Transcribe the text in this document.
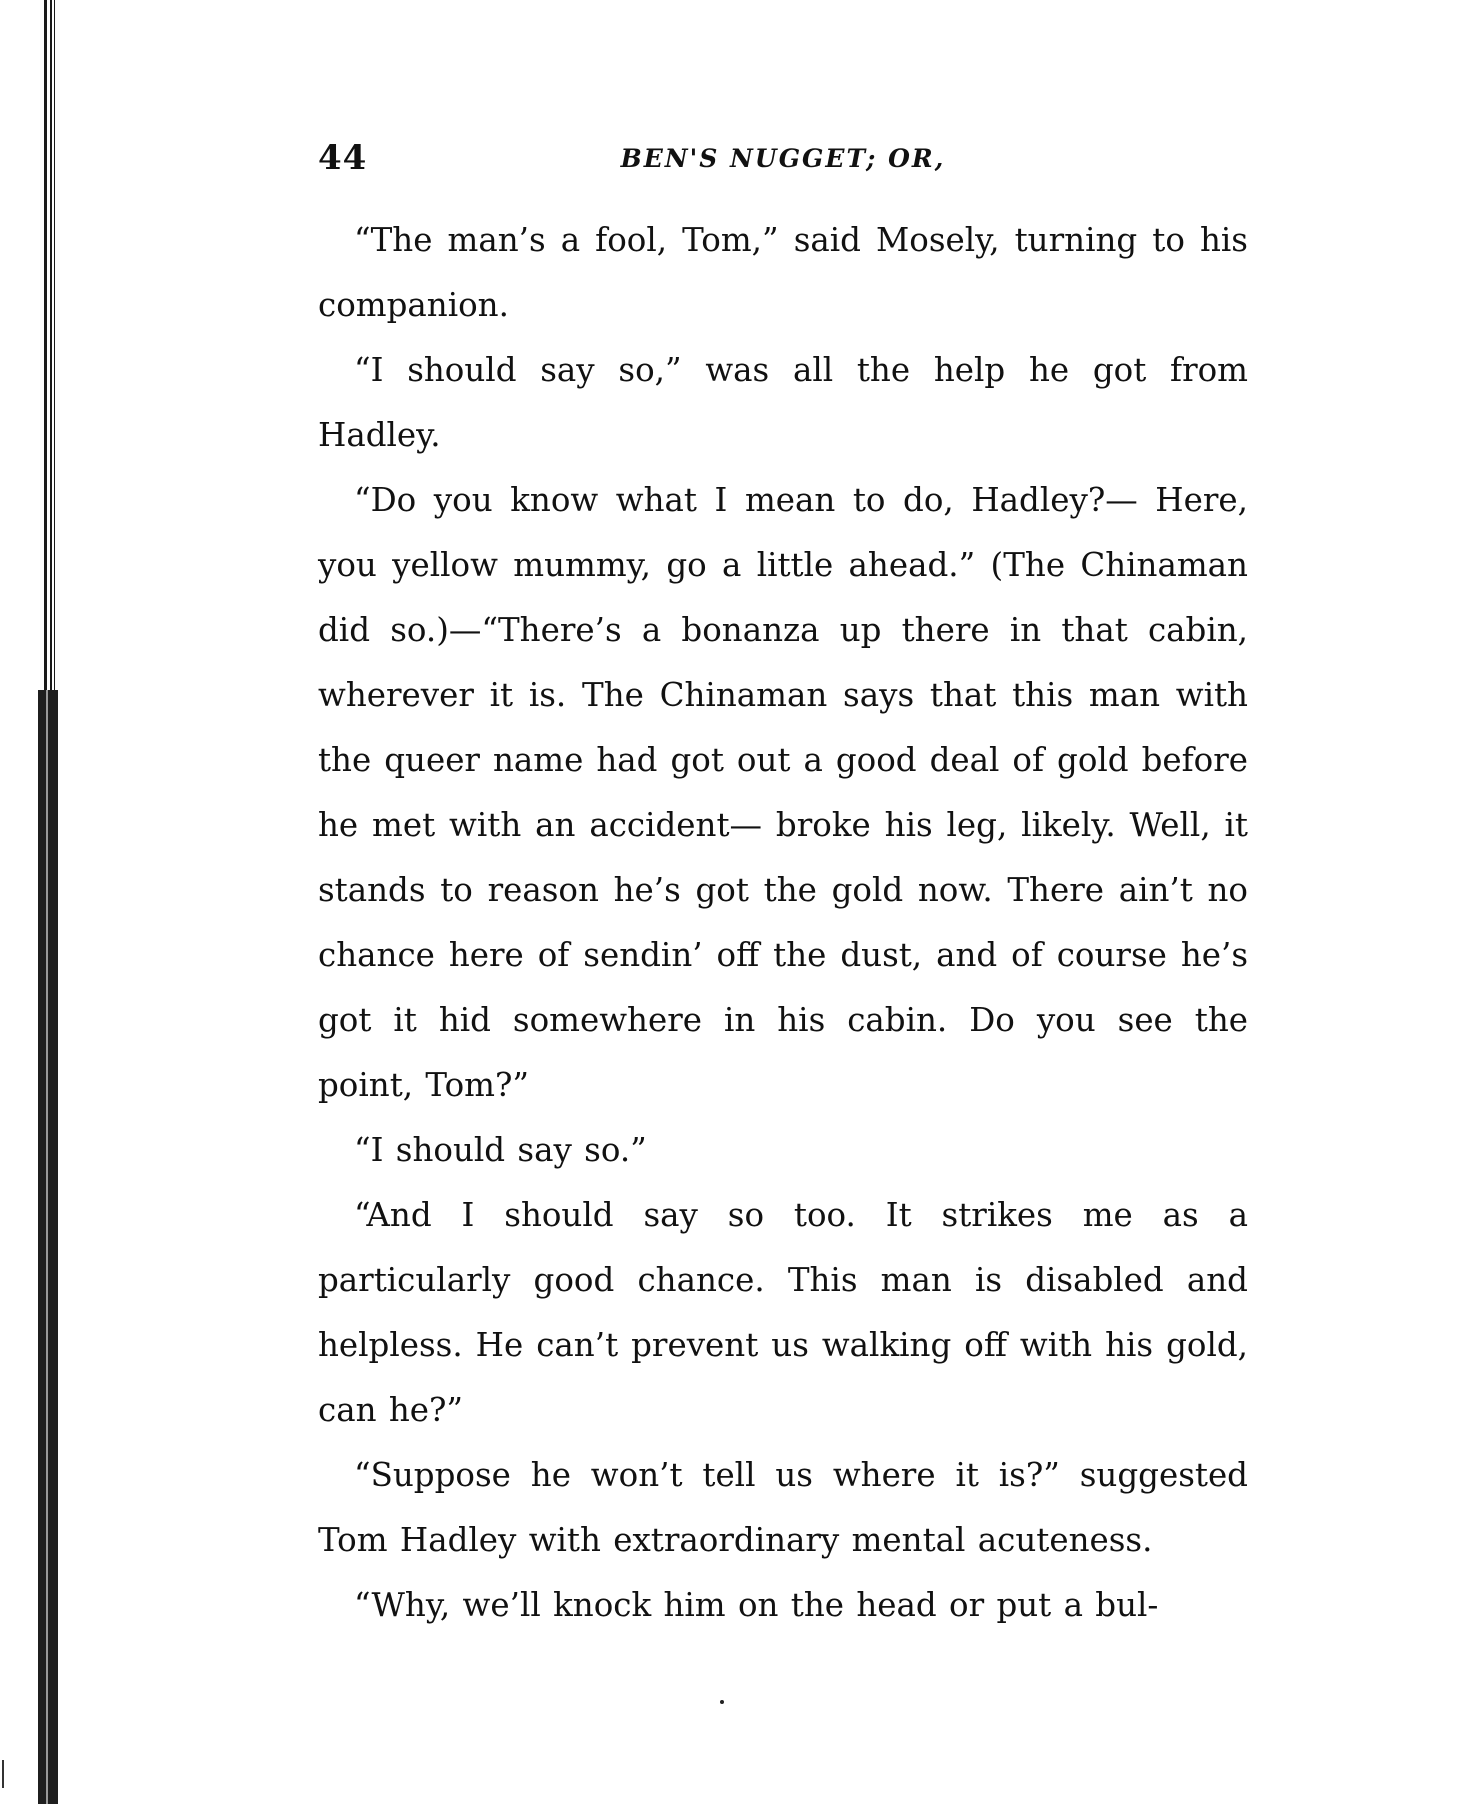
44	BEN'S NUGGET; OR,

“The man’s a fool, Tom,” said Mosely, turning to his companion.

“I should say so,” was all the help he got from Hadley.

“Do you know what I mean to do, Hadley?— Here, you yellow mummy, go a little ahead.” (The Chinaman did so.)—“There’s a bonanza up there in that cabin, wherever it is. The Chinaman says that this man with the queer name had got out a good deal of gold before he met with an accident— broke his leg, likely. Well, it stands to reason he’s got the gold now. There ain’t no chance here of sendin’ off the dust, and of course he’s got it hid somewhere in his cabin. Do you see the point, Tom?”

“I should say so.”

“And I should say so too. It strikes me as a particularly good chance. This man is disabled and helpless. He can’t prevent us walking off with his gold, can he?”

“Suppose he won’t tell us where it is?” suggested Tom Hadley with extraordinary mental acuteness.

“Why, we’ll knock him on the head or put a bul-
